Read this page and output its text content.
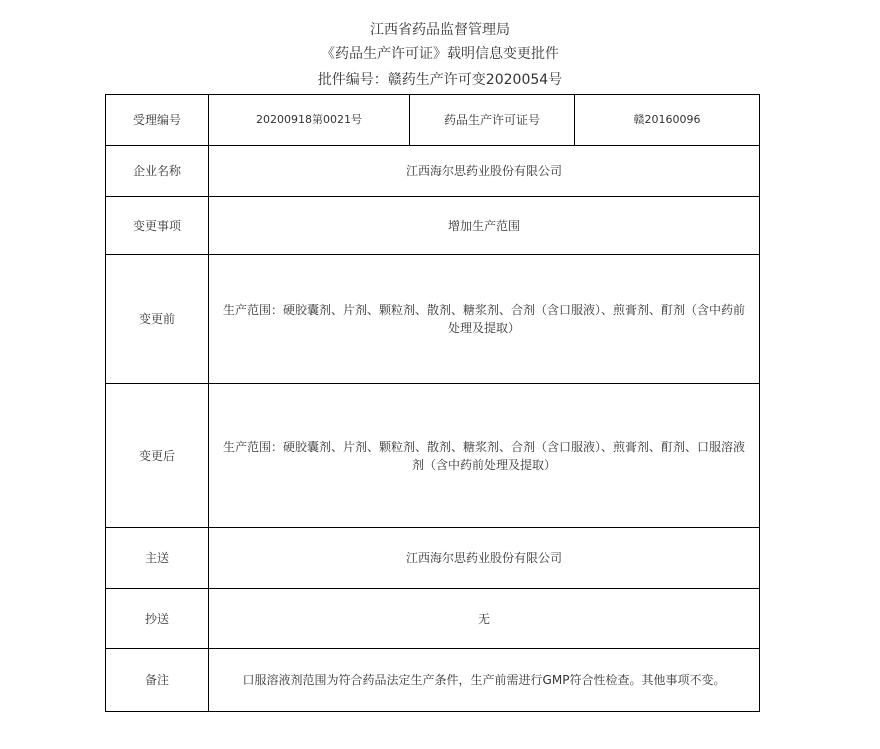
江西省药品监督管理局
《药品生产许可证》载明信息变更批件
批件编号：赣药生产许可变2020054号
受理编号	20200918第0021号	药品生产许可证号	赣20160096
企业名称	江西海尔思药业股份有限公司		
变更事项	增加生产范围		
变更前	生产范围：硬胶囊剂、片剂、颗粒剂、散剂、糖浆剂、合剂（含口服液）、煎膏剂、酊剂（含中药前处理及提取）		
变更后	生产范围：硬胶囊剂、片剂、颗粒剂、散剂、糖浆剂、合剂（含口服液）、煎膏剂、酊剂、口服溶液剂（含中药前处理及提取）		
主送	江西海尔思药业股份有限公司		
抄送	无		
备注	口服溶液剂范围为符合药品法定生产条件，生产前需进行GMP符合性检查。其他事项不变。		
